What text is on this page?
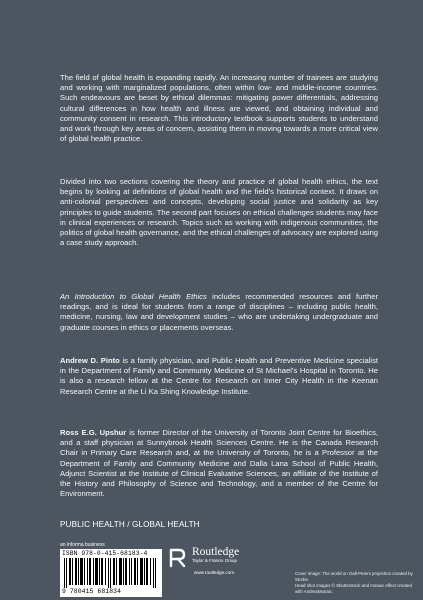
The field of global health is expanding rapidly. An increasing number of trainees are studying and working with marginalized populations, often within low- and middle-income countries. Such endeavours are beset by ethical dilemmas: mitigating power differentials, addressing cultural differences in how health and illness are viewed, and obtaining individual and community consent in research. This introductory textbook supports students to understand and work through key areas of concern, assisting them in moving towards a more critical view of global health practice.

Divided into two sections covering the theory and practice of global health ethics, the text begins by looking at definitions of global health and the field’s historical context. It draws on anti-colonial perspectives and concepts, developing social justice and solidarity as key principles to guide students. The second part focuses on ethical challenges students may face in clinical experiences or research. Topics such as working with indigenous communities, the politics of global health governance, and the ethical challenges of advocacy are explored using a case study approach.

An Introduction to Global Health Ethics includes recommended resources and further readings, and is ideal for students from a range of disciplines – including public health, medicine, nursing, law and development studies – who are undertaking undergraduate and graduate courses in ethics or placements overseas.

Andrew D. Pinto is a family physician, and Public Health and Preventive Medicine specialist in the Department of Family and Community Medicine of St Michael’s Hospital in Toronto. He is also a research fellow at the Centre for Research on Inner City Health in the Keenan Research Centre at the Li Ka Shing Knowledge Institute.

Ross E.G. Upshur is former Director of the University of Toronto Joint Centre for Bioethics, and a staff physician at Sunnybrook Health Sciences Centre. He is the Canada Research Chair in Primary Care Research and, at the University of Toronto, he is a Professor at the Department of Family and Community Medicine and Dalla Lana School of Public Health, Adjunct Scientist at the Institute of Clinical Evaluative Sciences, an affiliate of the Institute of the History and Philosophy of Science and Technology, and a member of the Centre for Environment.

PUBLIC HEALTH / GLOBAL HEALTH
an informa business
ISBN 978-0-415-68183-4
9 780415 681834
Routledge
Taylor & Francis Group
www.routledge.com	Cover image: The world on Gall-Peters projection created by Strebe.
Head shot images © Shutterstock and mosaic effect created with AndreaMosaic.
